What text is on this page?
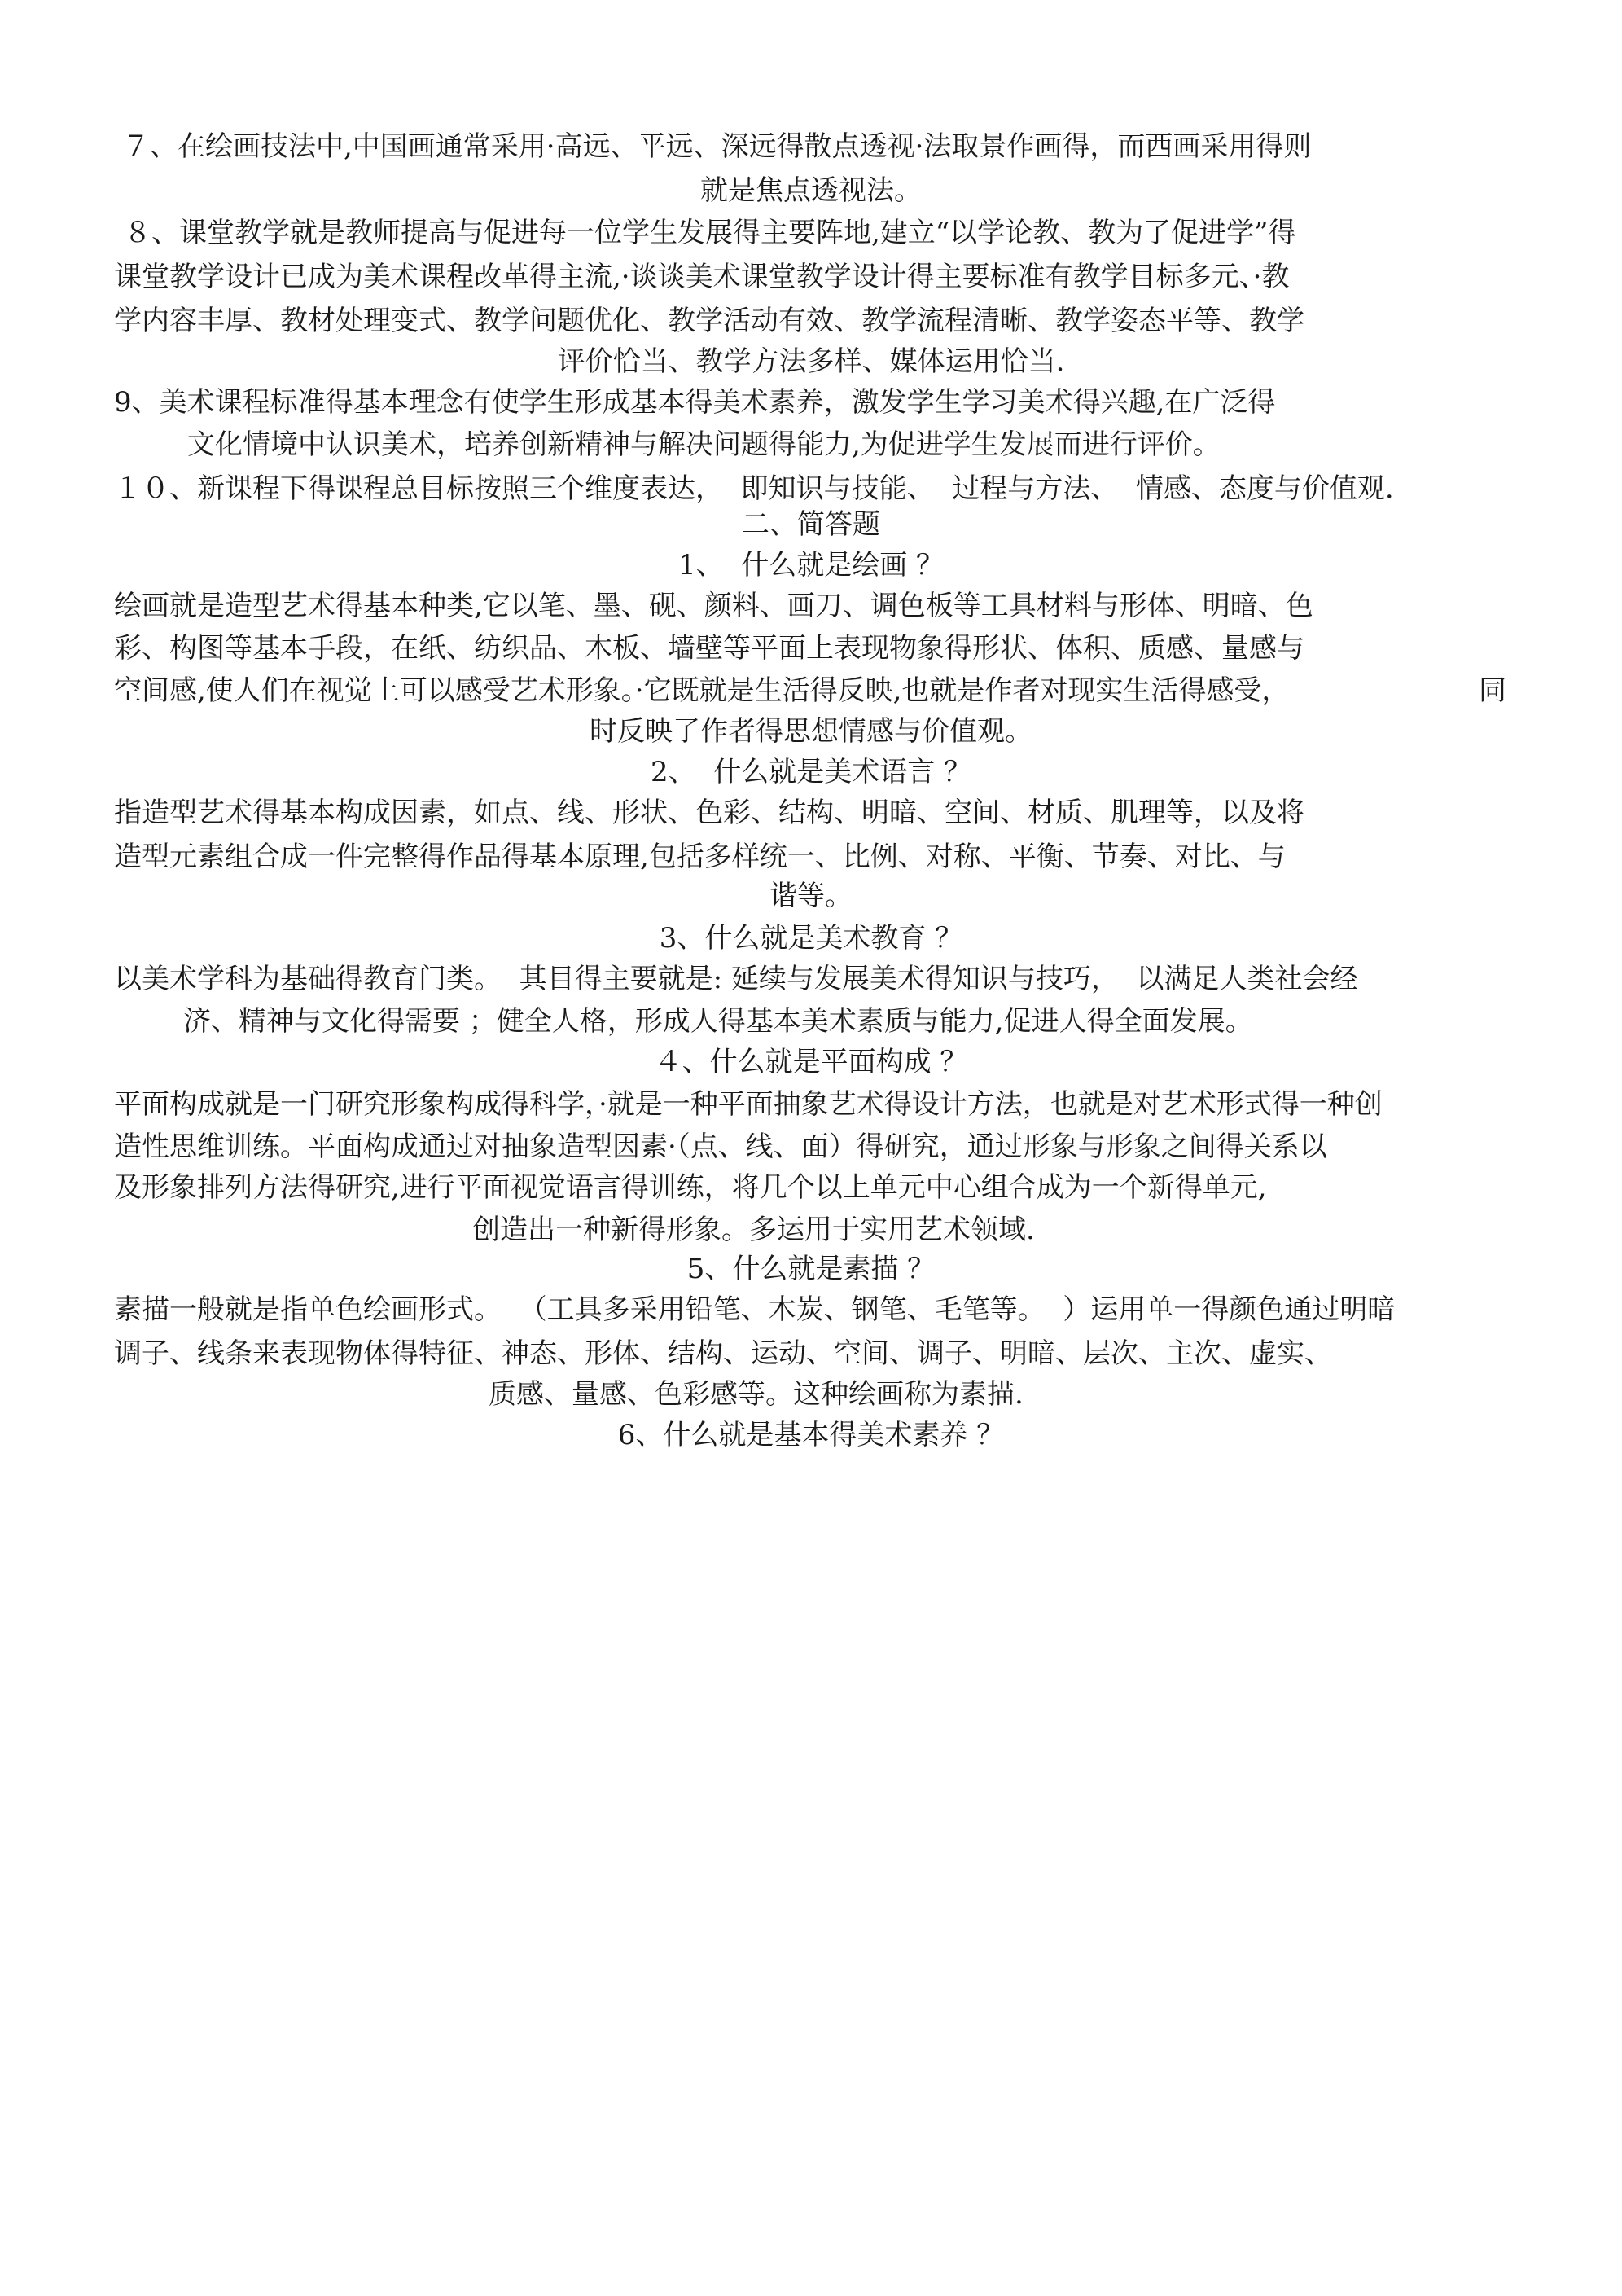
７、在绘画技法中,中国画通常采用·高远、平远、深远得散点透视·法取景作画得，而西画采用得则
就是焦点透视法。
８、课堂教学就是教师提高与促进每一位学生发展得主要阵地,建立“以学论教、教为了促进学”得
课堂教学设计已成为美术课程改革得主流,·谈谈美术课堂教学设计得主要标准有教学目标多元、·教
学内容丰厚、教材处理变式、教学问题优化、教学活动有效、教学流程清晰、教学姿态平等、教学
评价恰当、教学方法多样、媒体运用恰当.
9、美术课程标准得基本理念有使学生形成基本得美术素养，激发学生学习美术得兴趣,在广泛得
文化情境中认识美术，培养创新精神与解决问题得能力,为促进学生发展而进行评价。
１０、新课程下得课程总目标按照三个维度表达，  即知识与技能、  过程与方法、  情感、态度与价值观.
二、简答题
1、  什么就是绘画 ？
绘画就是造型艺术得基本种类,它以笔、墨、砚、颜料、画刀、调色板等工具材料与形体、明暗、色
彩、构图等基本手段，在纸、纺织品、木板、墙壁等平面上表现物象得形状、体积、质感、量感与
空间感,使人们在视觉上可以感受艺术形象。·它既就是生活得反映,也就是作者对现实生活得感受，	同
时反映了作者得思想情感与价值观。
2、  什么就是美术语言 ？
指造型艺术得基本构成因素，如点、线、形状、色彩、结构、明暗、空间、材质、肌理等，以及将
造型元素组合成一件完整得作品得基本原理,包括多样统一、比例、对称、平衡、节奏、对比、与
谐等。
3、什么就是美术教育 ？
以美术学科为基础得教育门类。  其目得主要就是: 延续与发展美术得知识与技巧，  以满足人类社会经
济、精神与文化得需要 ；健全人格，形成人得基本美术素质与能力,促进人得全面发展。
４、什么就是平面构成 ？
平面构成就是一门研究形象构成得科学，·就是一种平面抽象艺术得设计方法，也就是对艺术形式得一种创
造性思维训练。平面构成通过对抽象造型因素·（点、线、面）得研究，通过形象与形象之间得关系以
及形象排列方法得研究,进行平面视觉语言得训练，将几个以上单元中心组合成为一个新得单元,
创造出一种新得形象。多运用于实用艺术领域.
5、什么就是素描 ？
素描一般就是指单色绘画形式。  （工具多采用铅笔、木炭、钢笔、毛笔等。  ）运用单一得颜色通过明暗
调子、线条来表现物体得特征、神态、形体、结构、运动、空间、调子、明暗、层次、主次、虚实、
质感、量感、色彩感等。这种绘画称为素描.
6、什么就是基本得美术素养 ？
